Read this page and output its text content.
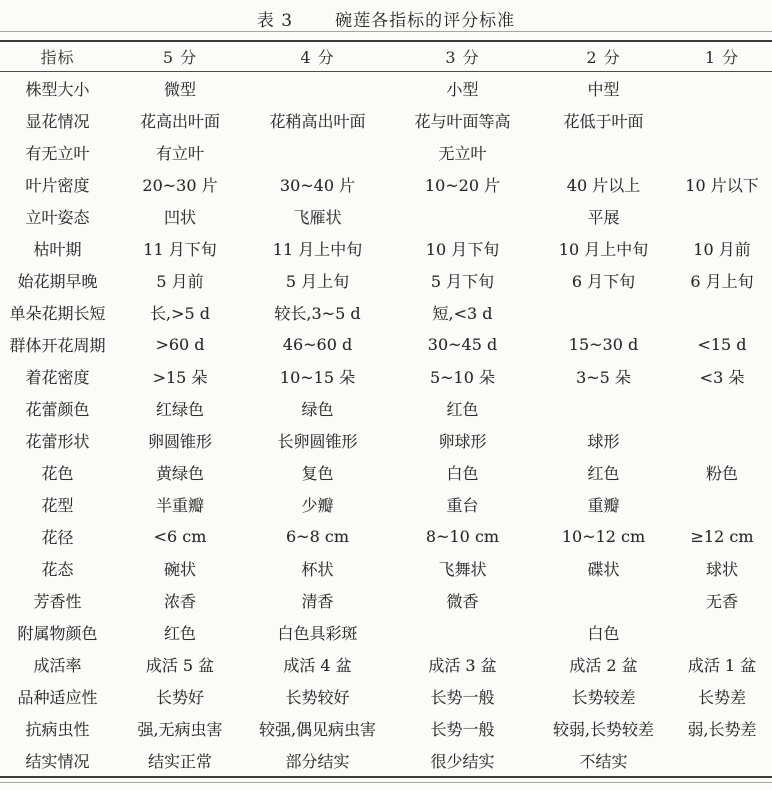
表 3 碗莲各指标的评分标准
指标	5 分	4 分	3 分	2 分	1 分
株型大小	微型		小型	中型	
显花情况	花高出叶面	花稍高出叶面	花与叶面等高	花低于叶面	
有无立叶	有立叶		无立叶		
叶片密度	20~30 片	30~40 片	10~20 片	40 片以上	10 片以下
立叶姿态	凹状	飞雁状		平展	
枯叶期	11 月下旬	11 月上中旬	10 月下旬	10 月上中旬	10 月前
始花期早晚	5 月前	5 月上旬	5 月下旬	6 月下旬	6 月上旬
单朵花期长短	长,>5 d	较长,3~5 d	短,<3 d		
群体开花周期	>60 d	46~60 d	30~45 d	15~30 d	<15 d
着花密度	>15 朵	10~15 朵	5~10 朵	3~5 朵	<3 朵
花蕾颜色	红绿色	绿色	红色		
花蕾形状	卵圆锥形	长卵圆锥形	卵球形	球形	
花色	黄绿色	复色	白色	红色	粉色
花型	半重瓣	少瓣	重台	重瓣	
花径	<6 cm	6~8 cm	8~10 cm	10~12 cm	≥12 cm
花态	碗状	杯状	飞舞状	碟状	球状
芳香性	浓香	清香	微香		无香
附属物颜色	红色	白色具彩斑		白色	
成活率	成活 5 盆	成活 4 盆	成活 3 盆	成活 2 盆	成活 1 盆
品种适应性	长势好	长势较好	长势一般	长势较差	长势差
抗病虫性	强,无病虫害	较强,偶见病虫害	长势一般	较弱,长势较差	弱,长势差
结实情况	结实正常	部分结实	很少结实	不结实	
